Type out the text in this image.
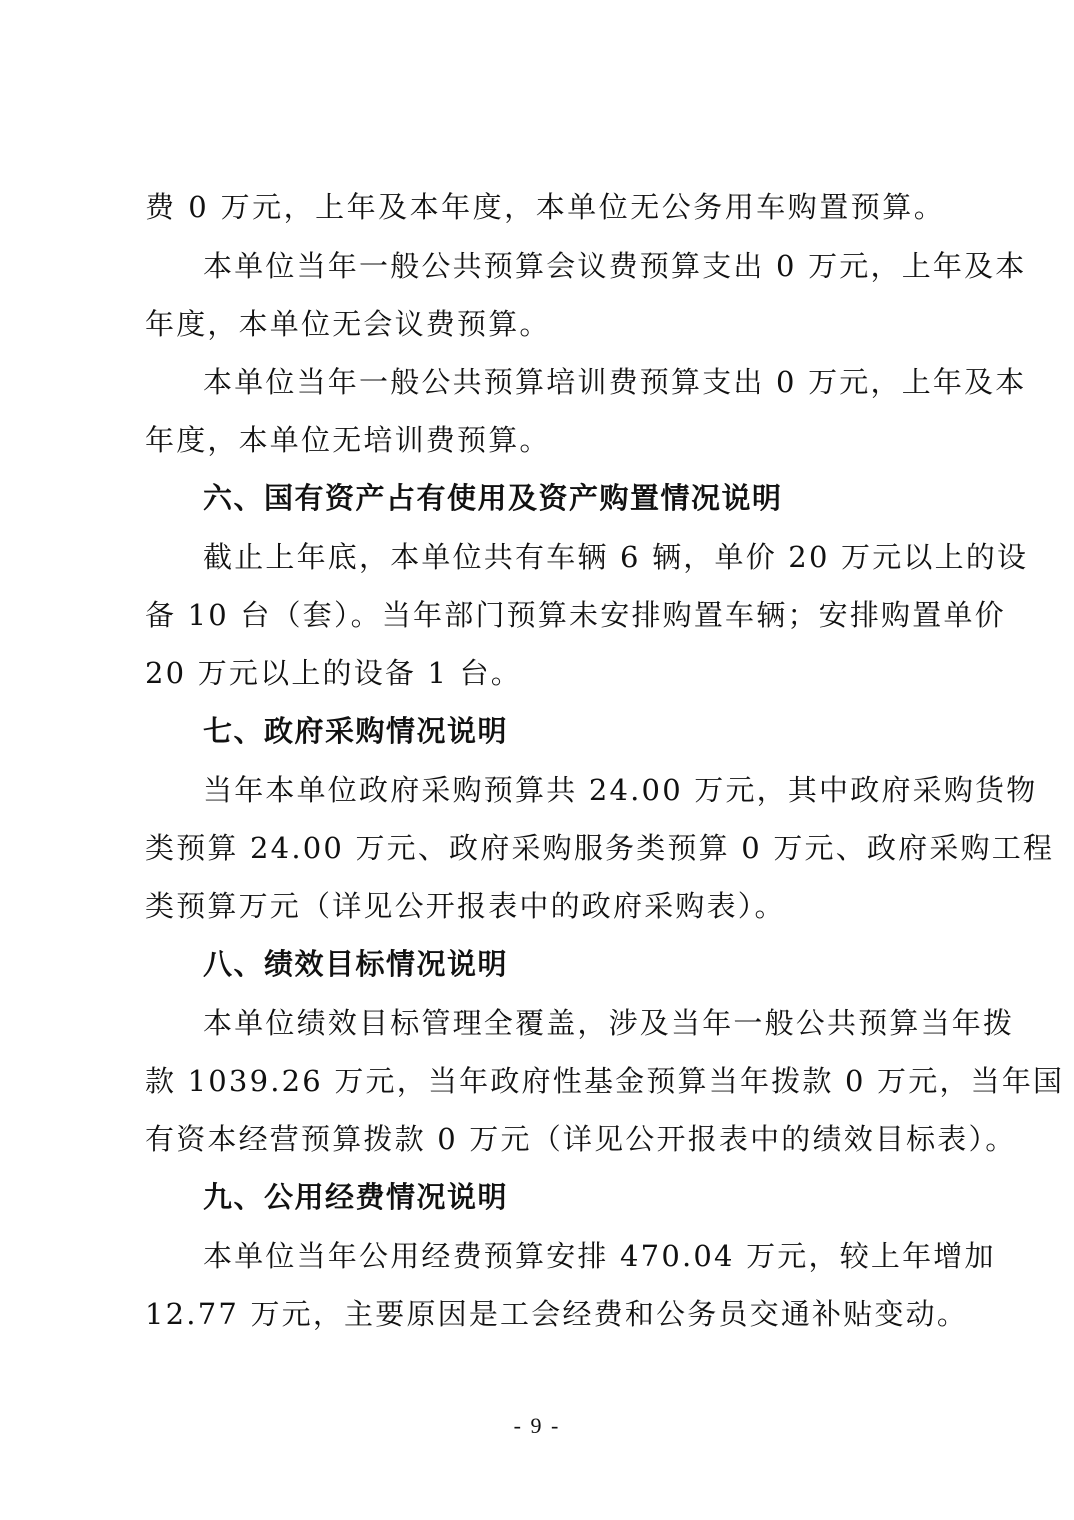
费 0 万元，上年及本年度，本单位无公务用车购置预算。
本单位当年一般公共预算会议费预算支出 0 万元，上年及本
年度，本单位无会议费预算。
本单位当年一般公共预算培训费预算支出 0 万元，上年及本
年度，本单位无培训费预算。
六、国有资产占有使用及资产购置情况说明
截止上年底，本单位共有车辆 6 辆，单价 20 万元以上的设
备 10 台（套）。当年部门预算未安排购置车辆；安排购置单价
20 万元以上的设备 1 台。
七、政府采购情况说明
当年本单位政府采购预算共 24.00 万元，其中政府采购货物
类预算 24.00 万元、政府采购服务类预算 0 万元、政府采购工程
类预算万元（详见公开报表中的政府采购表）。
八、绩效目标情况说明
本单位绩效目标管理全覆盖，涉及当年一般公共预算当年拨
款 1039.26 万元，当年政府性基金预算当年拨款 0 万元，当年国
有资本经营预算拨款 0 万元（详见公开报表中的绩效目标表）。
九、公用经费情况说明
本单位当年公用经费预算安排 470.04 万元，较上年增加
12.77 万元，主要原因是工会经费和公务员交通补贴变动。
- 9 -
